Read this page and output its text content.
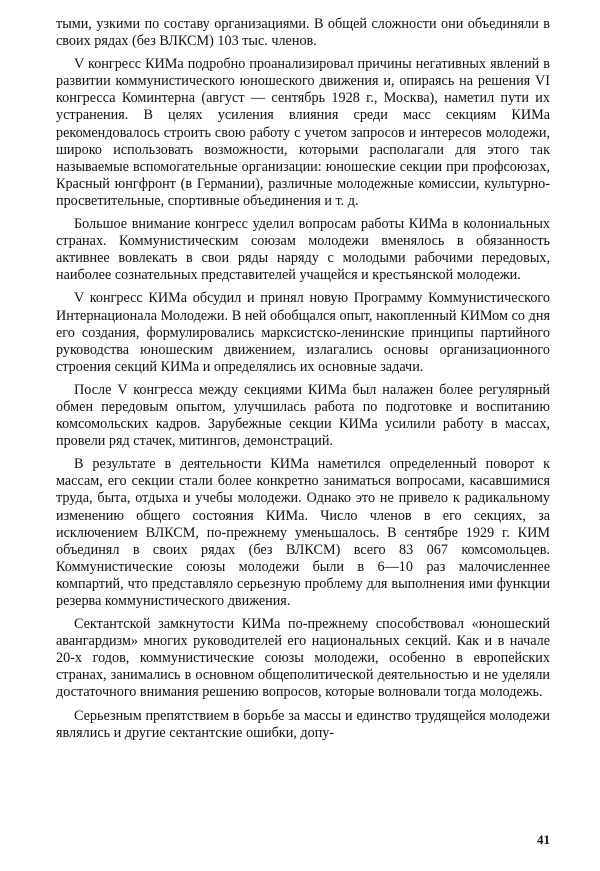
тыми, узкими по составу организациями. В общей сложности они объединяли в своих рядах (без ВЛКСМ) 103 тыс. членов.

V конгресс КИМа подробно проанализировал причины негативных явлений в развитии коммунистического юношеского движения и, опираясь на решения VI конгресса Коминтерна (август — сентябрь 1928 г., Москва), наметил пути их устранения. В целях усиления влияния среди масс секциям КИМа рекомендовалось строить свою работу с учетом запросов и интересов молодежи, широко использовать возможности, которыми располагали для этого так называемые вспомогательные организации: юношеские секции при профсоюзах, Красный юнгфронт (в Германии), различные молодежные комиссии, культурно-просветительные, спортивные объединения и т. д.

Большое внимание конгресс уделил вопросам работы КИМа в колониальных странах. Коммунистическим союзам молодежи вменялось в обязанность активнее вовлекать в свои ряды наряду с молодыми рабочими передовых, наиболее сознательных представителей учащейся и крестьянской молодежи.

V конгресс КИМа обсудил и принял новую Программу Коммунистического Интернационала Молодежи. В ней обобщался опыт, накопленный КИМом со дня его создания, формулировались марксистско-ленинские принципы партийного руководства юношеским движением, излагались основы организационного строения секций КИМа и определялись их основные задачи.

После V конгресса между секциями КИМа был налажен более регулярный обмен передовым опытом, улучшилась работа по подготовке и воспитанию комсомольских кадров. Зарубежные секции КИМа усилили работу в массах, провели ряд стачек, митингов, демонстраций.

В результате в деятельности КИМа наметился определенный поворот к массам, его секции стали более конкретно заниматься вопросами, касавшимися труда, быта, отдыха и учебы молодежи. Однако это не привело к радикальному изменению общего состояния КИМа. Число членов в его секциях, за исключением ВЛКСМ, по-прежнему уменьшалось. В сентябре 1929 г. КИМ объединял в своих рядах (без ВЛКСМ) всего 83 067 комсомольцев. Коммунистические союзы молодежи были в 6—10 раз малочисленнее компартий, что представляло серьезную проблему для выполнения ими функции резерва коммунистического движения.

Сектантской замкнутости КИМа по-прежнему способствовал «юношеский авангардизм» многих руководителей его национальных секций. Как и в начале 20-х годов, коммунистические союзы молодежи, особенно в европейских странах, занимались в основном общеполитической деятельностью и не уделяли достаточного внимания решению вопросов, которые волновали тогда молодежь.

Серьезным препятствием в борьбе за массы и единство трудящейся молодежи являлись и другие сектантские ошибки, допу-

41
